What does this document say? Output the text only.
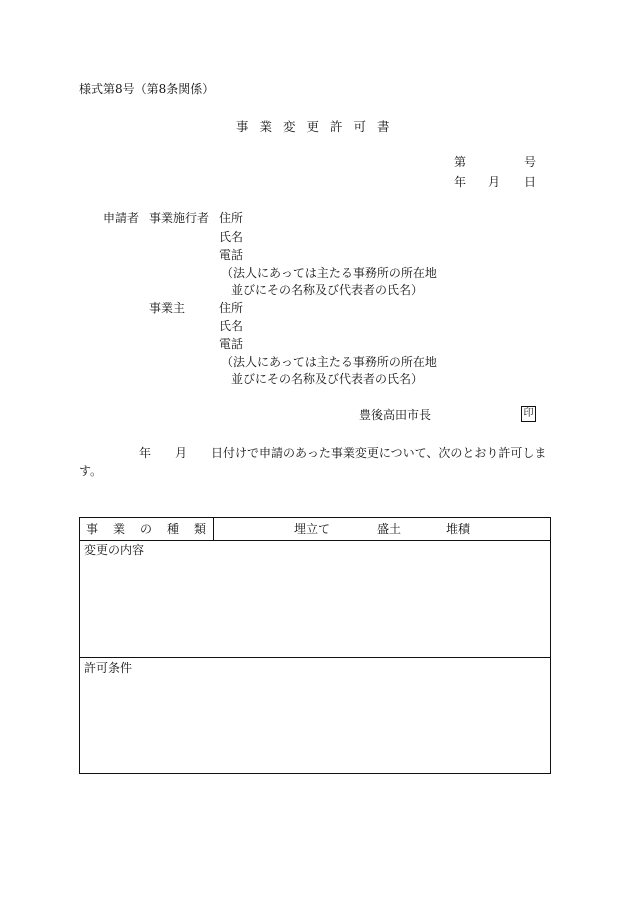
様式第8号（第8条関係）
事業変更許可書
第	号
年 月 日
申請者 事業施行者 住所
氏名
電話
（法人にあっては主たる事務所の所在地
並びにその名称及び代表者の氏名）
事業主	住所
氏名
電話
（法人にあっては主たる事務所の所在地
並びにその名称及び代表者の氏名）
豊後高田市長	印
年 月 日付けで申請のあった事業変更について、次のとおり許可しま
す。
事業の種類	埋立て	盛土	堆積
変更の内容
許可条件
